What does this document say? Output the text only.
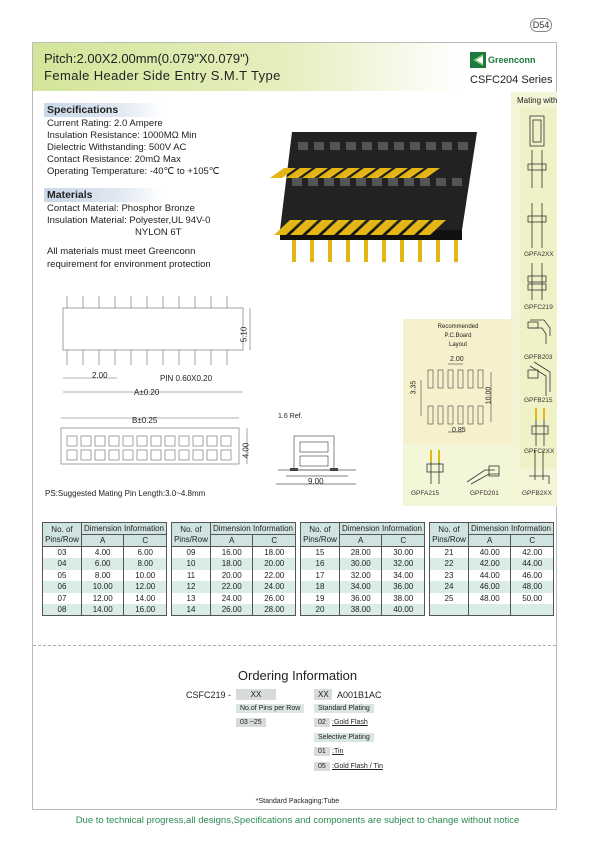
D54
Pitch:2.00X2.00mm(0.079"X0.079")
Female Header Side Entry S.M.T Type
Greenconn
CSFC204 Series
Specifications
Current Rating: 2.0 Ampere
Insulation Resistance: 1000MΩ Min
Dielectric Withstanding: 500V AC
Contact Resistance: 20mΩ Max
Operating Temperature: -40℃ to +105℃
Materials
Contact Material: Phosphor Bronze
Insulation Material: Polyester,UL 94V-0
NYLON 6T
All materials must meet Greenconn
requirement for environment protection
Mating with
GPFA2XX
GPFC219
GPFB203
GPFB215
GPFC2XX
Recommended
P.C.Board
Layout
2.00
3.35	10.00
0.85
GPFA215	GPFD201	GPFB2XX
5.10
2.00	PIN 0.60X0.20
A±0.20
B±0.25
4.00
1.6 Ref.
9.00
PS:Suggested Mating Pin Length:3.0~4.8mm
No. of Pins/Row	Dimension Information	
	A	C
03	4.00	6.00
04	6.00	8.00
05	8.00	10.00
06	10.00	12.00
07	12.00	14.00
08	14.00	16.00
No. of Pins/Row	Dimension Information	
	A	C
09	16.00	18.00
10	18.00	20.00
11	20.00	22.00
12	22.00	24.00
13	24.00	26.00
14	26.00	28.00
No. of Pins/Row	Dimension Information	
	A	C
15	28.00	30.00
16	30.00	32.00
17	32.00	34.00
18	34.00	36.00
19	36.00	38.00
20	38.00	40.00
No. of Pins/Row	Dimension Information	
	A	C
21	40.00	42.00
22	42.00	44.00
23	44.00	46.00
24	46.00	48.00
25	48.00	50.00

Ordering Information
CSFC219 -	XX	XX A001B1AC
No.of Pins per Row
03 ~25
Standard Plating
02 :Gold Flash
Selective Plating
01 :Tin
05 :Gold Flash / Tin
*Standard Packaging:Tube
Due to technical progress,all designs,Specifications and components are subject to change without notice
